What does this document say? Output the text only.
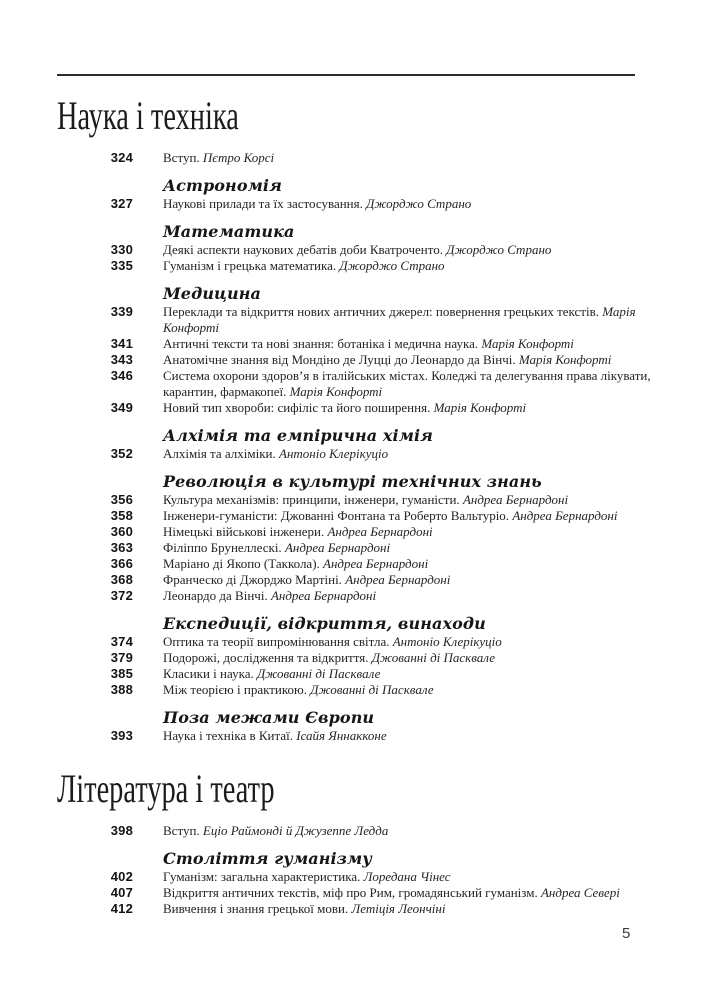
Наука і техніка
324 Вступ. Пєтро Корсі
Астрономія
327 Наукові прилади та їх застосування. Джорджо Страно
Математика
330 Деякі аспекти наукових дебатів доби Кватроченто. Джорджо Страно
335 Гуманізм і грецька математика. Джорджо Страно
Медицина
339 Переклади та відкриття нових античних джерел: повернення грецьких текстів. Марія Конфорті
341 Античні тексти та нові знання: ботаніка і медична наука. Марія Конфорті
343 Анатомічне знання від Мондіно де Луцці до Леонардо да Вінчі. Марія Конфорті
346 Система охорони здоров’я в італійських містах. Коледжі та делегування права лікувати, карантин, фармакопеї. Марія Конфорті
349 Новий тип хвороби: сифіліс та його поширення. Марія Конфорті
Алхімія та емпірична хімія
352 Алхімія та алхіміки. Антоніо Клерікуціо
Революція в культурі технічних знань
356 Культура механізмів: принципи, інженери, гуманісти. Андреа Бернардоні
358 Інженери-гуманісти: Джованні Фонтана та Роберто Вальтуріо. Андреа Бернардоні
360 Німецькі військові інженери. Андреа Бернардоні
363 Філіппо Брунеллескі. Андреа Бернардоні
366 Маріано ді Якопо (Таккола). Андреа Бернардоні
368 Франческо ді Джорджо Мартіні. Андреа Бернардоні
372 Леонардо да Вінчі. Андреа Бернардоні
Експедиції, відкриття, винаходи
374 Оптика та теорії випромінювання світла. Антоніо Клерікуціо
379 Подорожі, дослідження та відкриття. Джованні ді Пасквале
385 Класики і наука. Джованні ді Пасквале
388 Між теорією і практикою. Джованні ді Пасквале
Поза межами Європи
393 Наука і техніка в Китаї. Ісайя Яннакконе
Література і театр
398 Вступ. Еціо Раймонді й Джузеппе Ледда
Століття гуманізму
402 Гуманізм: загальна характеристика. Лоредана Чінес
407 Відкриття античних текстів, міф про Рим, громадянський гуманізм. Андреа Севері
412 Вивчення і знання грецької мови. Летіція Леончіні
5
